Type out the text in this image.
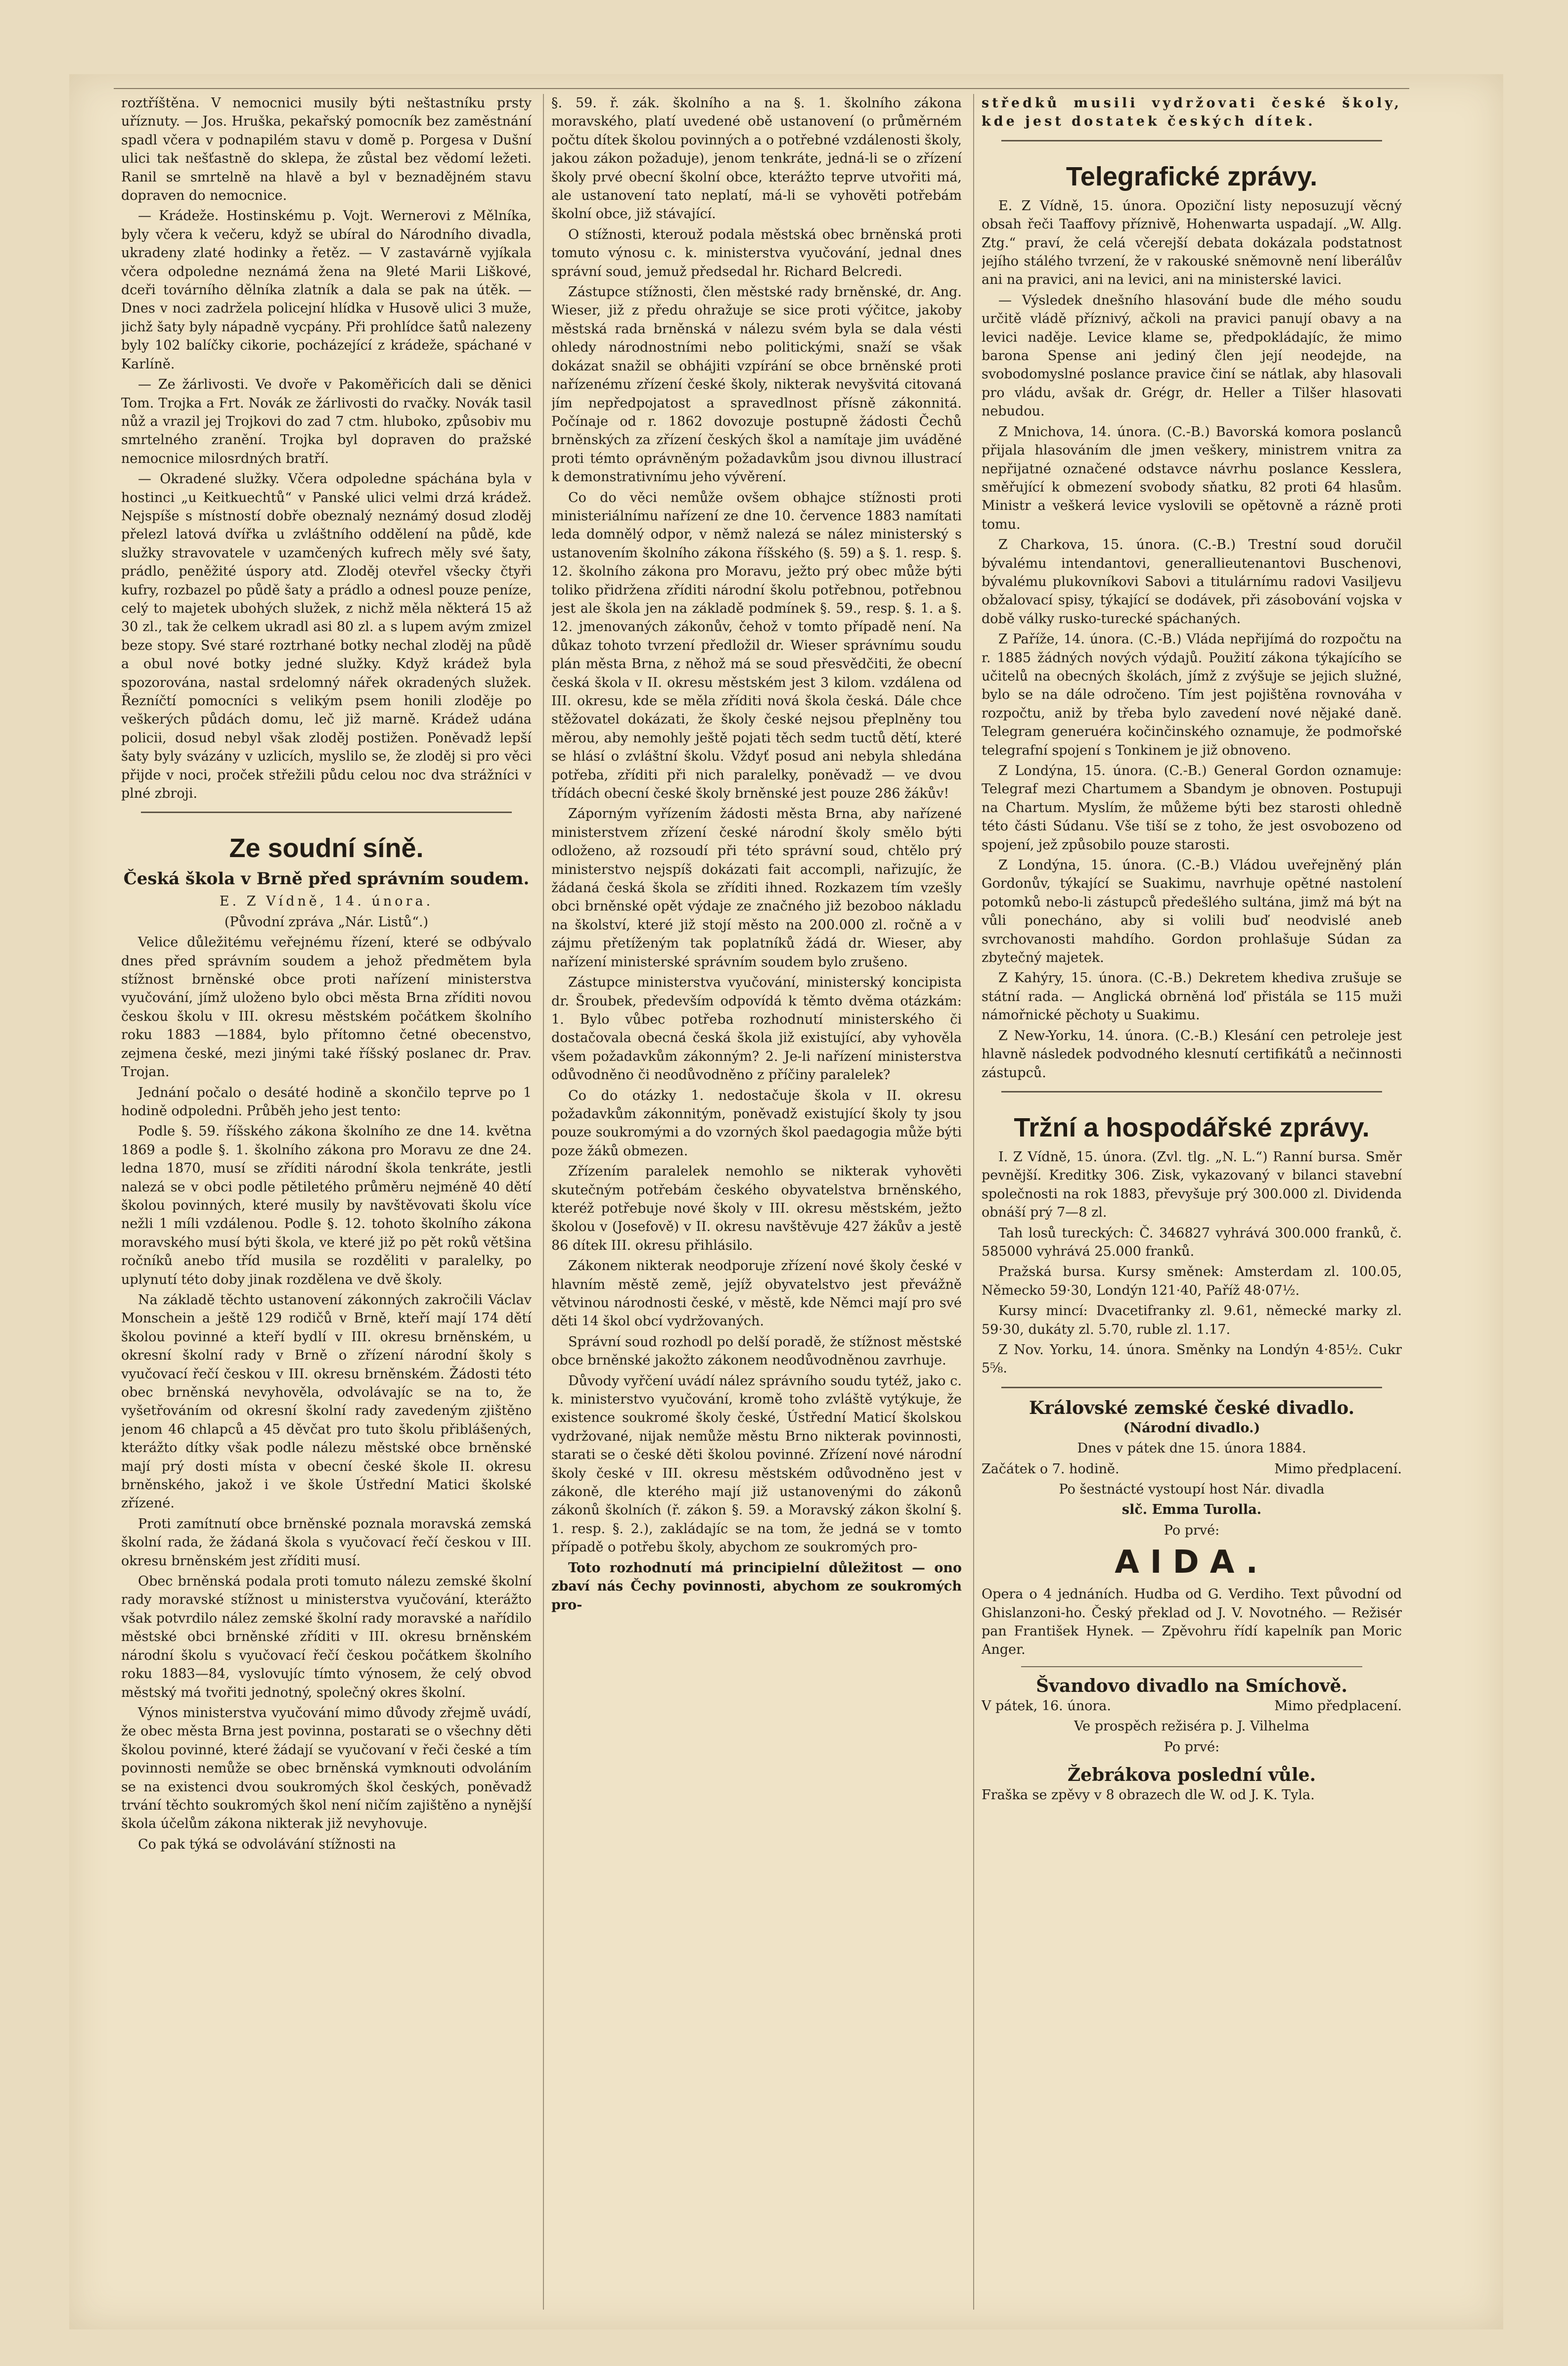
roztříštěna. V nemocnici musily býti neštastníku prsty uříznuty. — Jos. Hruška, pekařský pomocník bez zaměstnání spadl včera v podnapilém stavu v domě p. Porgesa v Dušní ulici tak nešťastně do sklepa, že zůstal bez vědomí ležeti. Ranil se smrtelně na hlavě a byl v beznadějném stavu dopraven do nemocnice.

— Krádeže. Hostinskému p. Vojt. Wernerovi z Mělníka, byly včera k večeru, když se ubíral do Národního divadla, ukradeny zlaté hodinky a řetěz. — V zastavárně vyjíkala včera odpoledne neznámá žena na 9leté Marii Liškové, dceři továrního dělníka zlatník a dala se pak na útěk. — Dnes v noci zadržela policejní hlídka v Husově ulici 3 muže, jichž šaty byly nápadně vycpány. Při prohlídce šatů nalezeny byly 102 balíčky cikorie, pocházející z krádeže, spáchané v Karlíně.

— Ze žárlivosti. Ve dvoře v Pakoměřicích dali se děnici Tom. Trojka a Frt. Novák ze žárlivosti do rvačky. Novák tasil nůž a vrazil jej Trojkovi do zad 7 ctm. hluboko, způsobiv mu smrtelného zranění. Trojka byl dopraven do pražské nemocnice milosrdných bratří.

— Okradené služky. Včera odpoledne spáchána byla v hostinci „u Keitkuechtů“ v Panské ulici velmi drzá krádež. Nejspíše s místností dobře obeznalý neznámý dosud zloděj přelezl latová dvířka u zvláštního oddělení na půdě, kde služky stravovatele v uzamčených kufrech měly své šaty, prádlo, peněžité úspory atd. Zloděj otevřel všecky čtyři kufry, rozbazel po půdě šaty a prádlo a odnesl pouze peníze, celý to majetek ubohých služek, z nichž měla některá 15 až 30 zl., tak že celkem ukradl asi 80 zl. a s lupem avým zmizel beze stopy. Své staré roztrhané botky nechal zloděj na půdě a obul nové botky jedné služky. Když krádež byla spozorována, nastal srdelomný nářek okradených služek. Řezníčtí pomocníci s velikým psem honili zloděje po veškerých půdách domu, leč již marně. Krádež udána policii, dosud nebyl však zloděj postižen. Poněvadž lepší šaty byly svázány v uzlicích, myslilo se, že zloděj si pro věci přijde v noci, proček střežili půdu celou noc dva strážníci v plné zbroji.

Ze soudní síně.
Česká škola v Brně před správním soudem.

E. Z Vídně, 14. února.

(Původní zpráva „Nár. Listů“.)

Velice důležitému veřejnému řízení, které se odbývalo dnes před správním soudem a jehož předmětem byla stížnost brněnské obce proti nařízení ministerstva vyučování, jímž uloženo bylo obci města Brna zříditi novou českou školu v III. okresu městském počátkem školního roku 1883 —1884, bylo přítomno četné obecenstvo, zejmena české, mezi jinými také říšský poslanec dr. Prav. Trojan.

Jednání počalo o desáté hodině a skončilo teprve po 1 hodině odpoledni. Průběh jeho jest tento:

Podle §. 59. říšského zákona školního ze dne 14. května 1869 a podle §. 1. školního zákona pro Moravu ze dne 24. ledna 1870, musí se zříditi národní škola tenkráte, jestli nalezá se v obci podle pětiletého průměru nejméně 40 dětí školou povinných, které musily by navštěvovati školu více nežli 1 míli vzdálenou. Podle §. 12. tohoto školního zákona moravského musí býti škola, ve které již po pět roků většina ročníků anebo tříd musila se rozděliti v paralelky, po uplynutí této doby jinak rozdělena ve dvě školy.

Na základě těchto ustanovení zákonných zakročili Václav Monschein a ještě 129 rodičů v Brně, kteří mají 174 dětí školou povinné a kteří bydlí v III. okresu brněnském, u okresní školní rady v Brně o zřízení národní školy s vyučovací řečí českou v III. okresu brněnském. Žádosti této obec brněnská nevyhověla, odvolávajíc se na to, že vyšetřováním od okresní školní rady zavedeným zjištěno jenom 46 chlapců a 45 děvčat pro tuto školu přiblášených, kterážto dítky však podle nálezu městské obce brněnské mají prý dosti místa v obecní české škole II. okresu brněnského, jakož i ve škole Ústřední Matici školské zřízené.

Proti zamítnutí obce brněnské poznala moravská zemská školní rada, že žádaná škola s vyučovací řečí českou v III. okresu brněnském jest zříditi musí.

Obec brněnská podala proti tomuto nálezu zemské školní rady moravské stížnost u ministerstva vyučování, kterážto však potvrdilo nález zemské školní rady moravské a nařídilo městské obci brněnské zříditi v III. okresu brněnském národní školu s vyučovací řečí českou počátkem školního roku 1883—84, vyslovujíc tímto výnosem, že celý obvod městský má tvořiti jednotný, společný okres školní.

Výnos ministerstva vyučování mimo důvody zřejmě uvádí, že obec města Brna jest povinna, postarati se o všechny děti školou povinné, které žádají se vyučovaní v řeči české a tím povinnosti nemůže se obec brněnská vymknouti odvoláním se na existenci dvou soukromých škol českých, poněvadž trvání těchto soukromých škol není ničím zajištěno a nynější škola účelům zákona nikterak již nevyhovuje.

Co pak týká se odvolávání stížnosti na

§. 59. ř. zák. školního a na §. 1. školního zákona moravského, platí uvedené obě ustanovení (o průměrném počtu dítek školou povinných a o potřebné vzdálenosti školy, jakou zákon požaduje), jenom tenkráte, jedná-li se o zřízení školy prvé obecní školní obce, kterážto teprve utvořiti má, ale ustanovení tato neplatí, má-li se vyhověti potřebám školní obce, již stávající.

O stížnosti, kterouž podala městská obec brněnská proti tomuto výnosu c. k. ministerstva vyučování, jednal dnes správní soud, jemuž předsedal hr. Richard Belcredi.

Zástupce stížnosti, člen městské rady brněnské, dr. Ang. Wieser, již z předu ohražuje se sice proti výčitce, jakoby městská rada brněnská v nálezu svém byla se dala vésti ohledy národnostními nebo politickými, snaží se však dokázat snažil se obhájiti vzpírání se obce brněnské proti nařízenému zřízení české školy, nikterak nevyšvitá citovaná jím nepředpojatost a spravedlnost přísně zákonnitá. Počínaje od r. 1862 dovozuje postupně žádosti Čechů brněnských za zřízení českých škol a namítaje jim uváděné proti témto oprávněným požadavkům jsou divnou illustrací k demonstrativnímu jeho vývěrení.

Co do věci nemůže ovšem obhajce stížnosti proti ministeriálnímu nařízení ze dne 10. července 1883 namítati leda domnělý odpor, v němž nalezá se nález ministerský s ustanovením školního zákona říšského (§. 59) a §. 1. resp. §. 12. školního zákona pro Moravu, ježto prý obec může býti toliko přidržena zříditi národní školu potřebnou, potřebnou jest ale škola jen na základě podmínek §. 59., resp. §. 1. a §. 12. jmenovaných zákonův, čehož v tomto případě není. Na důkaz tohoto tvrzení předložil dr. Wieser správnímu soudu plán města Brna, z něhož má se soud přesvědčiti, že obecní česká škola v II. okresu městském jest 3 kilom. vzdálena od III. okresu, kde se měla zříditi nová škola česká. Dále chce stěžovatel dokázati, že školy české nejsou přeplněny tou měrou, aby nemohly ještě pojati těch sedm tuctů dětí, které se hlásí o zvláštní školu. Vždyť posud ani nebyla shledána potřeba, zříditi při nich paralelky, poněvadž — ve dvou třídách obecní české školy brněnské jest pouze 286 žákův!

Záporným vyřízením žádosti města Brna, aby nařízené ministerstvem zřízení české národní školy smělo býti odloženo, až rozsoudí při této správní soud, chtělo prý ministerstvo nejspíš dokázati fait accompli, nařizujíc, že žádaná česká škola se zříditi ihned. Rozkazem tím vzešly obci brněnské opět výdaje ze značného již bezoboo nákladu na školství, které již stojí město na 200.000 zl. ročně a v zájmu přetíženým tak poplatníků žádá dr. Wieser, aby nařízení ministerské správním soudem bylo zrušeno.

Zástupce ministerstva vyučování, ministerský koncipista dr. Šroubek, především odpovídá k těmto dvěma otázkám: 1. Bylo vůbec potřeba rozhodnutí ministerského či dostačovala obecná česká škola již existující, aby vyhověla všem požadavkům zákonným? 2. Je-li nařízení ministerstva odůvodněno či neodůvodněno z příčiny paralelek?

Co do otázky 1. nedostačuje škola v II. okresu požadavkům zákonnitým, poněvadž existující školy ty jsou pouze soukromými a do vzorných škol paedagogia může býti poze žáků obmezen.

Zřízením paralelek nemohlo se nikterak vyhověti skutečným potřebám českého obyvatelstva brněnského, kteréž potřebuje nové školy v III. okresu městském, ježto školou v (Josefově) v II. okresu navštěvuje 427 žákův a jestě 86 dítek III. okresu přihlásilo.

Zákonem nikterak neodporuje zřízení nové školy české v hlavním městě země, jejíž obyvatelstvo jest převážně větvinou národnosti české, v městě, kde Němci mají pro své děti 14 škol obcí vydržovaných.

Správní soud rozhodl po delší poradě, že stížnost městské obce brněnské jakožto zákonem neodůvodněnou zavrhuje.

Důvody vyřčení uvádí nález správního soudu tytéž, jako c. k. ministerstvo vyučování, kromě toho zvláště vytýkuje, že existence soukromé školy české, Ústřední Maticí školskou vydržované, nijak nemůže městu Brno nikterak povinnosti, starati se o české děti školou povinné. Zřízení nové národní školy české v III. okresu městském odůvodněno jest v zákoně, dle kterého mají již ustanovenými do zákonů zákonů školních (ř. zákon §. 59. a Moravský zákon školní §. 1. resp. §. 2.), zakládajíc se na tom, že jedná se v tomto případě o potřebu školy, abychom ze soukromých pro-

Toto rozhodnutí má principielní důležitost — ono zbaví nás Čechy povinnosti, abychom ze soukromých pro-

středků musili vydržovati české školy, kde jest dostatek českých dítek.

Telegrafické zprávy.

E. Z Vídně, 15. února. Opoziční listy neposuzují věcný obsah řeči Taaffovy příznivě, Hohenwarta uspadají. „W. Allg. Ztg.“ praví, že celá včerejší debata dokázala podstatnost jejího stálého tvrzení, že v rakouské sněmovně není liberálův ani na pravici, ani na levici, ani na ministerské lavici.

— Výsledek dnešního hlasování bude dle mého soudu určitě vládě příznivý, ačkoli na pravici panují obavy a na levici naděje. Levice klame se, předpokládajíc, že mimo barona Spense ani jediný člen její neodejde, na svobodomyslné poslance pravice činí se nátlak, aby hlasovali pro vládu, avšak dr. Grégr, dr. Heller a Tilšer hlasovati nebudou.

Z Mnichova, 14. února. (C.-B.) Bavorská komora poslanců přijala hlasováním dle jmen veškery, ministrem vnitra za nepřijatné označené odstavce návrhu poslance Kesslera, směřující k obmezení svobody sňatku, 82 proti 64 hlasům. Ministr a veškerá levice vyslovili se opětovně a rázně proti tomu.

Z Charkova, 15. února. (C.-B.) Trestní soud doručil bývalému intendantovi, generallieutenantovi Buschenovi, bývalému plukovníkovi Sabovi a titulárnímu radovi Vasiljevu obžalovací spisy, týkající se dodávek, při zásobování vojska v době války rusko-turecké spáchaných.

Z Paříže, 14. února. (C.-B.) Vláda nepřijímá do rozpočtu na r. 1885 žádných nových výdajů. Použití zákona týkajícího se učitelů na obecných školách, jímž z zvýšuje se jejich služné, bylo se na dále odročeno. Tím jest pojištěna rovnováha v rozpočtu, aniž by třeba bylo zavedení nové nějaké daně. Telegram generuéra kočinčinského oznamuje, že podmořské telegrafní spojení s Tonkinem je již obnoveno.

Z Londýna, 15. února. (C.-B.) General Gordon oznamuje: Telegraf mezi Chartumem a Sbandym je obnoven. Postupuji na Chartum. Myslím, že můžeme býti bez starosti ohledně této části Súdanu. Vše tiší se z toho, že jest osvobozeno od spojení, jež způsobilo pouze starosti.

Z Londýna, 15. února. (C.-B.) Vládou uveřejněný plán Gordonův, týkající se Suakimu, navrhuje opětné nastolení potomků nebo-li zástupců předešlého sultána, jimž má být na vůli ponecháno, aby si volili buď neodvislé aneb svrchovanosti mahdího. Gordon prohlašuje Súdan za zbytečný majetek.

Z Kahýry, 15. února. (C.-B.) Dekretem khediva zrušuje se státní rada. — Anglická obrněná loď přistála se 115 muži námořnické pěchoty u Suakimu.

Z New-Yorku, 14. února. (C.-B.) Klesání cen petroleje jest hlavně následek podvodného klesnutí certifikátů a nečinnosti zástupců.

Tržní a hospodářské zprávy.

I. Z Vídně, 15. února. (Zvl. tlg. „N. L.“) Ranní bursa. Směr pevnější. Kreditky 306. Zisk, vykazovaný v bilanci stavební společnosti na rok 1883, převyšuje prý 300.000 zl. Dividenda obnáší prý 7—8 zl.

Tah losů tureckých: Č. 346827 vyhrává 300.000 franků, č. 585000 vyhrává 25.000 franků.

Pražská bursa. Kursy směnek: Amsterdam zl. 100.05, Německo 59·30, Londýn 121·40, Paříž 48·07½.

Kursy mincí: Dvacetifranky zl. 9.61, německé marky zl. 59·30, dukáty zl. 5.70, ruble zl. 1.17.

Z Nov. Yorku, 14. února. Směnky na Londýn 4·85½. Cukr 5⅝.

Královské zemské české divadlo.

(Národní divadlo.)

Dnes v pátek dne 15. února 1884.

Začátek o 7. hodině.	Mimo předplacení.

Po šestnácté vystoupí host Nár. divadla

slč. Emma Turolla.

Po prvé:

AIDA.

Opera o 4 jednáních. Hudba od G. Verdiho. Text původní od Ghislanzoni-ho. Český překlad od J. V. Novotného. — Režisér pan František Hynek. — Zpěvohru řídí kapelník pan Moric Anger.

Švandovo divadlo na Smíchově.

V pátek, 16. února.	Mimo předplacení.

Ve prospěch režiséra p. J. Vilhelma

Po prvé:

Žebrákova poslední vůle.

Fraška se zpěvy v 8 obrazech dle W. od J. K. Tyla.
